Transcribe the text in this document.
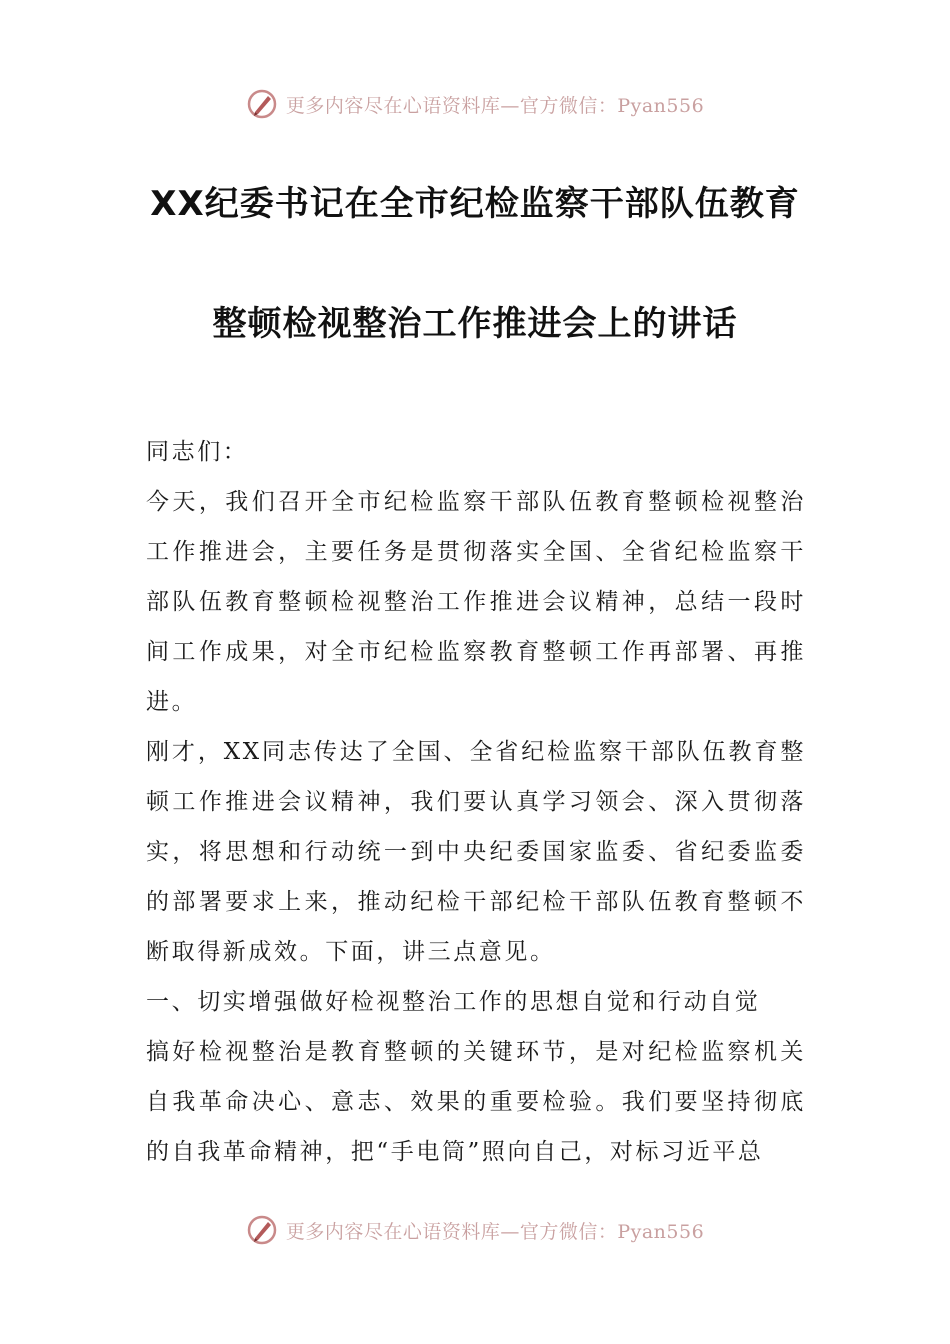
更多内容尽在心语资料库—官方微信：Pyan556
XX纪委书记在全市纪检监察干部队伍教育
整顿检视整治工作推进会上的讲话

同志们：

今天，我们召开全市纪检监察干部队伍教育整顿检视整治工作推进会，主要任务是贯彻落实全国、全省纪检监察干部队伍教育整顿检视整治工作推进会议精神，总结一段时间工作成果，对全市纪检监察教育整顿工作再部署、再推进。

刚才，XX同志传达了全国、全省纪检监察干部队伍教育整顿工作推进会议精神，我们要认真学习领会、深入贯彻落实，将思想和行动统一到中央纪委国家监委、省纪委监委的部署要求上来，推动纪检干部纪检干部队伍教育整顿不断取得新成效。下面，讲三点意见。

一、切实增强做好检视整治工作的思想自觉和行动自觉

搞好检视整治是教育整顿的关键环节，是对纪检监察机关自我革命决心、意志、效果的重要检验。我们要坚持彻底的自我革命精神，把“手电筒”照向自己，对标习近平总

更多内容尽在心语资料库—官方微信：Pyan556
